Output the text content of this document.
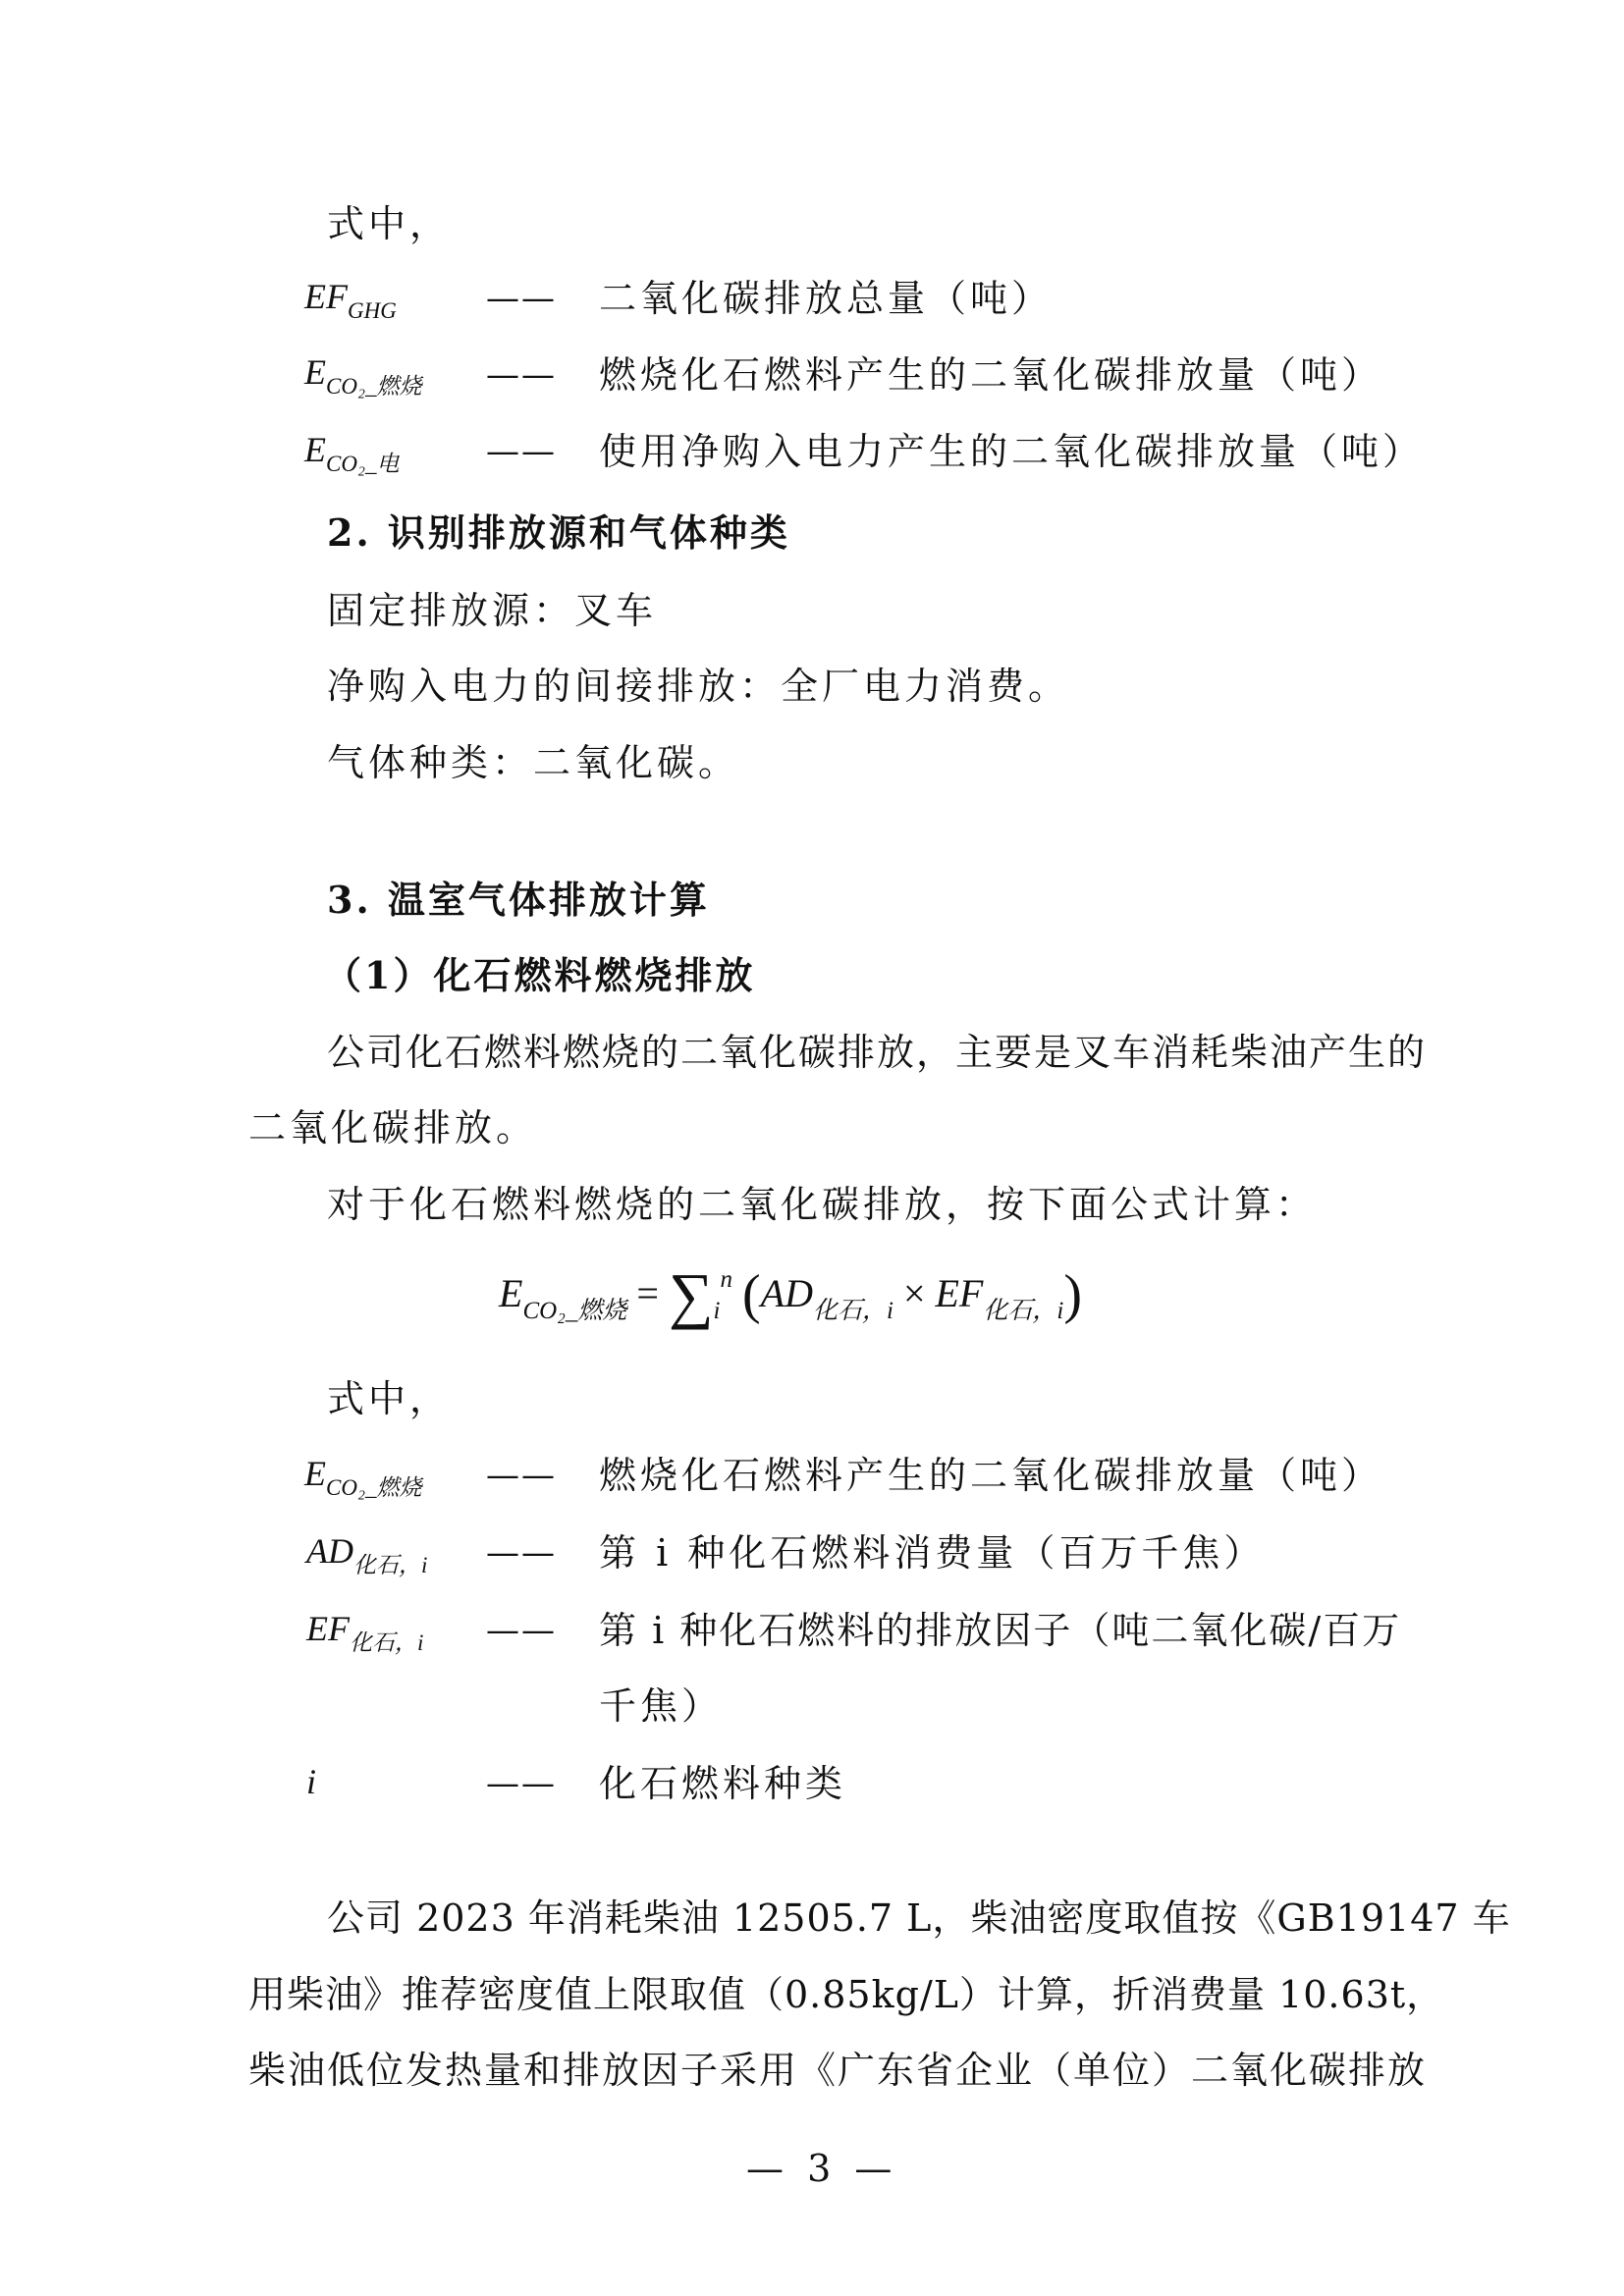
式中，
$EF_{GHG}$	—— 二氧化碳排放总量（吨）
$E_{CO_2\_燃烧}$ —— 燃烧化石燃料产生的二氧化碳排放量（吨）
$E_{CO_2\_电}$	—— 使用净购入电力产生的二氧化碳排放量（吨）
2. 识别排放源和气体种类
固定排放源：叉车
净购入电力的间接排放：全厂电力消费。
气体种类：二氧化碳。
3. 温室气体排放计算
（1）化石燃料燃烧排放
公司化石燃料燃烧的二氧化碳排放，主要是叉车消耗柴油产生的
二氧化碳排放。
对于化石燃料燃烧的二氧化碳排放，按下面公式计算：
$E_{CO_2\_燃烧} = \sum_i^n$ $(AD_{化石,i} \times EF_{化石,i})$
式中，
$E_{CO_2\_燃烧}$ —— 燃烧化石燃料产生的二氧化碳排放量（吨）
$AD_{化石,i}$ —— 第 i 种化石燃料消费量（百万千焦）
$EF_{化石,i}$ —— 第 i 种化石燃料的排放因子（吨二氧化碳/百万
千焦）
i	—— 化石燃料种类
公司 2023 年消耗柴油 12505.7 L，柴油密度取值按《GB19147 车
用柴油》推荐密度值上限取值（0.85kg/L）计算，折消费量 10.63t，
柴油低位发热量和排放因子采用《广东省企业（单位）二氧化碳排放
— 3 —
